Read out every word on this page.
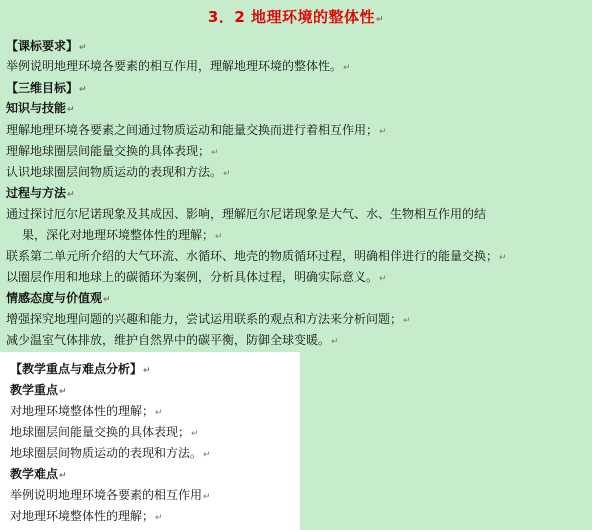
3．2 地理环境的整体性↵
【课标要求】↵
举例说明地理环境各要素的相互作用，理解地理环境的整体性。↵
【三维目标】↵
知识与技能↵
理解地理环境各要素之间通过物质运动和能量交换而进行着相互作用；↵
理解地球圈层间能量交换的具体表现；↵
认识地球圈层间物质运动的表现和方法。↵
过程与方法↵
通过探讨厄尔尼诺现象及其成因、影响，理解厄尔尼诺现象是大气、水、生物相互作用的结
果，深化对地理环境整体性的理解；↵
联系第二单元所介绍的大气环流、水循环、地壳的物质循环过程，明确相伴进行的能量交换；↵
以圈层作用和地球上的碳循环为案例，分析具体过程，明确实际意义。↵
情感态度与价值观↵
增强探究地理问题的兴趣和能力，尝试运用联系的观点和方法来分析问题；↵
减少温室气体排放，维护自然界中的碳平衡，防御全球变暖。↵
【教学重点与难点分析】↵
教学重点↵
对地理环境整体性的理解；↵
地球圈层间能量交换的具体表现；↵
地球圈层间物质运动的表现和方法。↵
教学难点↵
举例说明地理环境各要素的相互作用↵
对地理环境整体性的理解；↵
